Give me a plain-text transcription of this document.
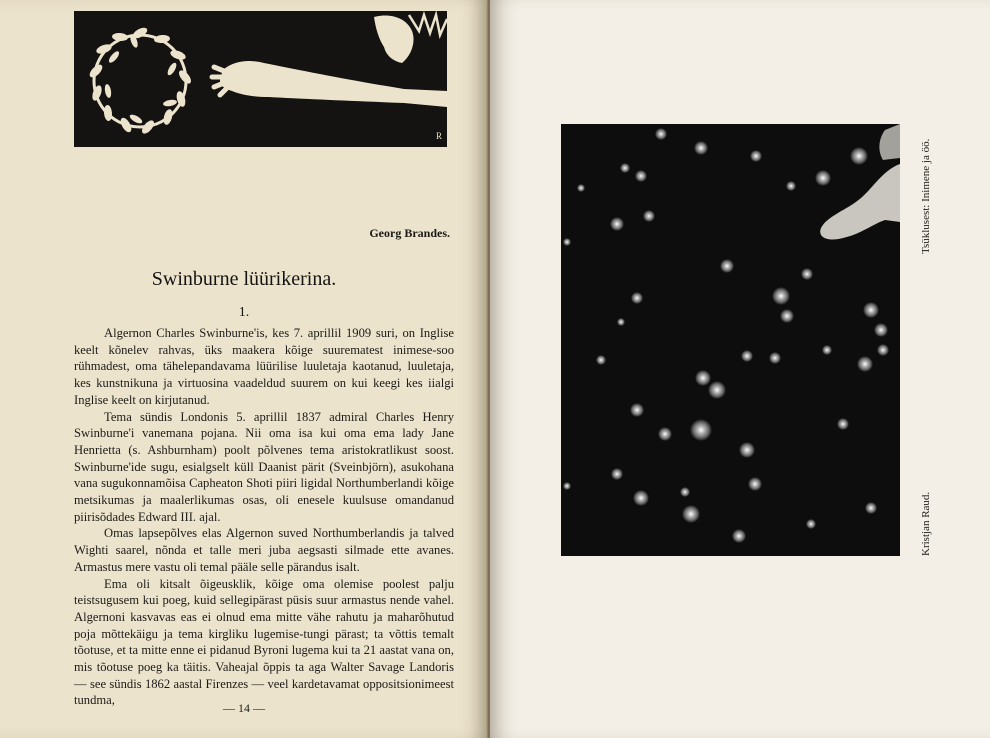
R
Georg Brandes.
Swinburne lüürikerina.
1.

Algernon Charles Swinburne'is, kes 7. aprillil 1909 suri, on Inglise keelt kõnelev rahvas, üks maakera kõige suurematest inimese-soo rühmadest, oma tähelepandavama lüürilise luuletaja kaotanud, luuletaja, kes kunstnikuna ja virtuosina vaadeldud suurem on kui keegi kes iialgi Inglise keelt on kirjutanud.

Tema sündis Londonis 5. aprillil 1837 admiral Charles Henry Swinburne'i vanemana pojana. Nii oma isa kui oma ema lady Jane Henrietta (s. Ashburnham) poolt põlvenes tema aristokratlikust soost. Swinburne'ide sugu, esialgselt küll Daanist pärit (Sveinbjörn), asukohana vana sugukonnamõisa Capheaton Shoti piiri ligidal Northumberlandi kõige metsikumas ja maalerlikumas osas, oli enesele kuulsuse omandanud piirisõdades Edward III. ajal.

Omas lapsepõlves elas Algernon suved Northumberlandis ja talved Wighti saarel, nõnda et talle meri juba aegsasti silmade ette avanes. Armastus mere vastu oli temal pääle selle pärandus isalt.

Ema oli kitsalt õigeusklik, kõige oma olemise poolest palju teistsugusem kui poeg, kuid sellegipärast püsis suur armastus nende vahel. Algernoni kasvavas eas ei olnud ema mitte vähe rahutu ja maharõhutud poja mõttekäigu ja tema kirgliku lugemise-tungi pärast; ta võttis temalt tõotuse, et ta mitte enne ei pidanud Byroni lugema kui ta 21 aastat vana on, mis tõotuse poeg ka täitis. Vaheajal õppis ta aga Walter Savage Landoris — see sündis 1862 aastal Firenzes — veel kardetavamat oppositsionimeest tundma,

— 14 —
Tsüklusest: Inimene ja öö.
Kristjan Raud.
